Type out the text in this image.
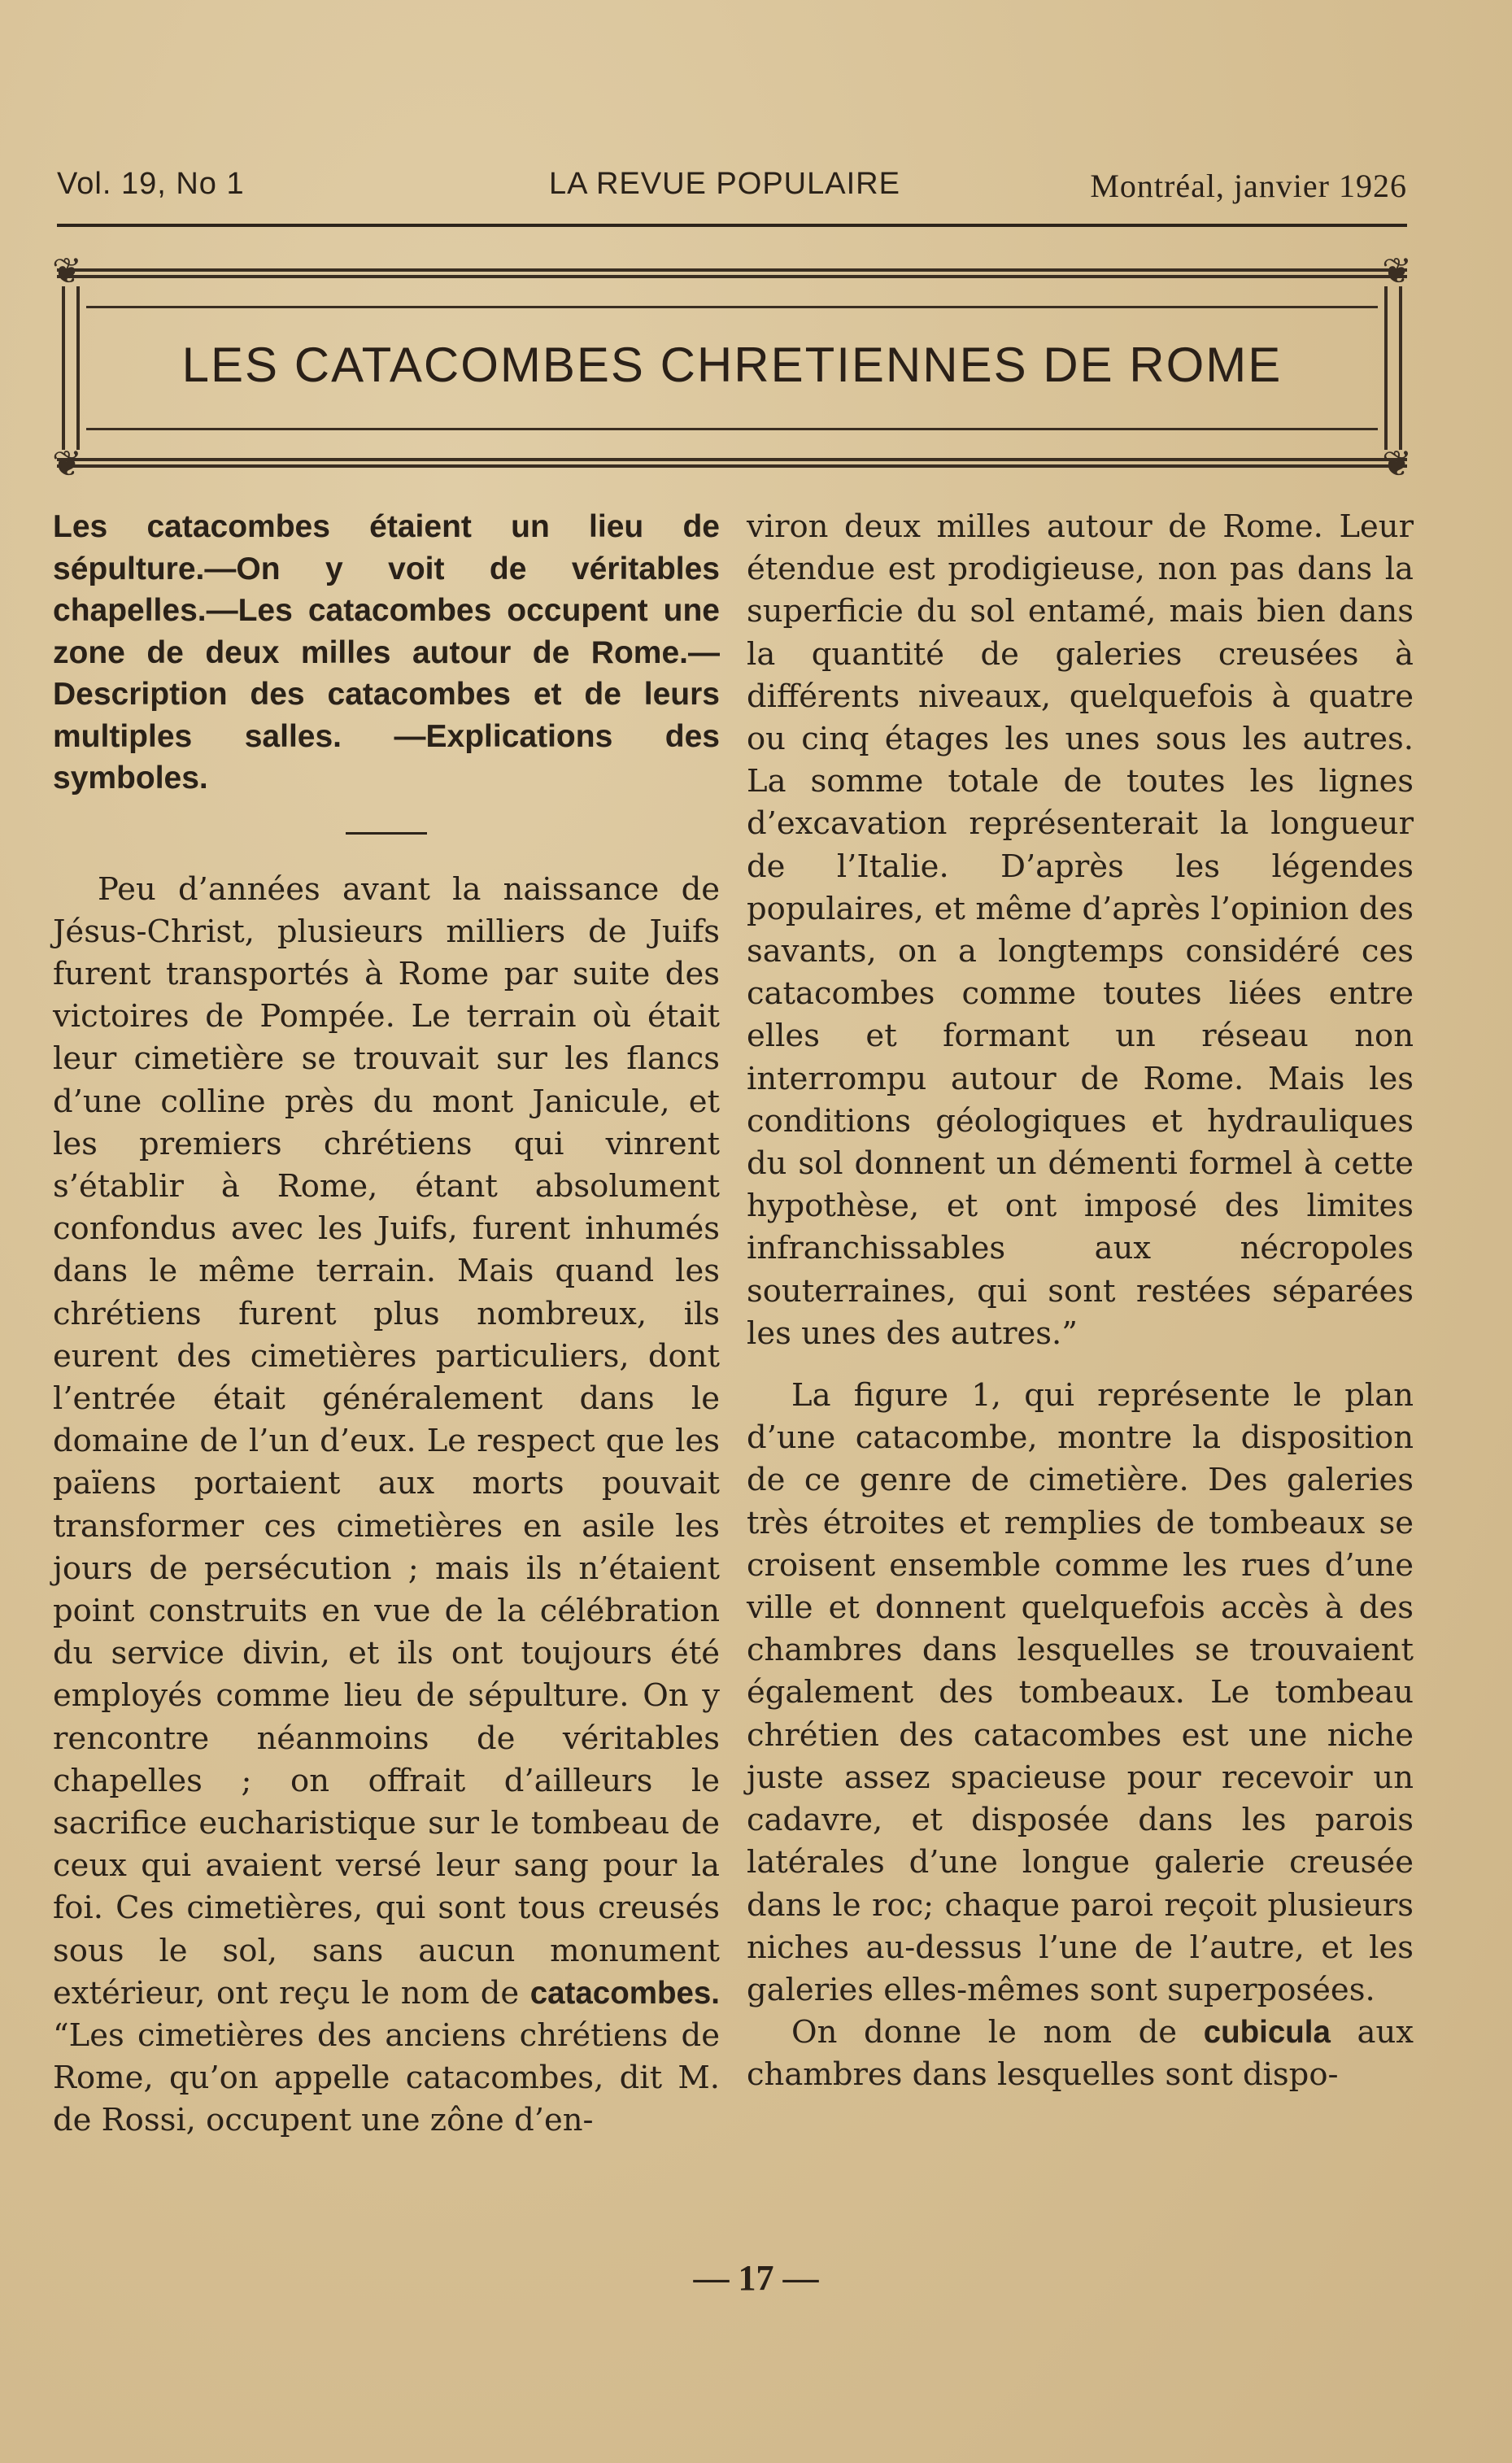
Vol. 19, No 1	LA REVUE POPULAIRE	Montréal, janvier 1926
❦	❦
❦	❦
LES CATACOMBES CHRETIENNES DE ROME

Les catacombes étaient un lieu de sépulture.—On y voit de véritables chapelles.—Les catacombes occupent une zone de deux milles autour de Rome.—Description des catacombes et de leurs multiples salles. —Explications des symboles.

Peu d’années avant la naissance de Jésus-Christ, plusieurs milliers de Juifs furent transportés à Rome par suite des victoires de Pompée. Le terrain où était leur cimetière se trouvait sur les flancs d’une colline près du mont Janicule, et les premiers chrétiens qui vinrent s’établir à Rome, étant absolument confondus avec les Juifs, furent inhumés dans le même terrain. Mais quand les chrétiens furent plus nombreux, ils eurent des cimetières particuliers, dont l’entrée était généralement dans le domaine de l’un d’eux. Le respect que les païens portaient aux morts pouvait transformer ces cimetières en asile les jours de persécution ; mais ils n’étaient point construits en vue de la célébration du service divin, et ils ont toujours été employés comme lieu de sépulture. On y rencontre néanmoins de véritables chapelles ; on offrait d’ailleurs le sacrifice eucharistique sur le tombeau de ceux qui avaient versé leur sang pour la foi. Ces cimetières, qui sont tous creusés sous le sol, sans aucun monument extérieur, ont reçu le nom de catacombes. “Les cimetières des anciens chrétiens de Rome, qu’on appelle catacombes, dit M. de Rossi, occupent une zône d’en-

viron deux milles autour de Rome. Leur étendue est prodigieuse, non pas dans la superficie du sol entamé, mais bien dans la quantité de galeries creusées à différents niveaux, quelquefois à quatre ou cinq étages les unes sous les autres. La somme totale de toutes les lignes d’excavation représenterait la longueur de l’Italie. D’après les légendes populaires, et même d’après l’opinion des savants, on a longtemps considéré ces catacombes comme toutes liées entre elles et formant un réseau non interrompu autour de Rome. Mais les conditions géologiques et hydrauliques du sol donnent un démenti formel à cette hypothèse, et ont imposé des limites infranchissables aux nécropoles souterraines, qui sont restées séparées les unes des autres.”

La figure 1, qui représente le plan d’une catacombe, montre la disposition de ce genre de cimetière. Des galeries très étroites et remplies de tombeaux se croisent ensemble comme les rues d’une ville et donnent quelquefois accès à des chambres dans lesquelles se trouvaient également des tombeaux. Le tombeau chrétien des catacombes est une niche juste assez spacieuse pour recevoir un cadavre, et disposée dans les parois latérales d’une longue galerie creusée dans le roc; chaque paroi reçoit plusieurs niches au-dessus l’une de l’autre, et les galeries elles-mêmes sont superposées.

On donne le nom de cubicula aux chambres dans lesquelles sont dispo-

— 17 —
